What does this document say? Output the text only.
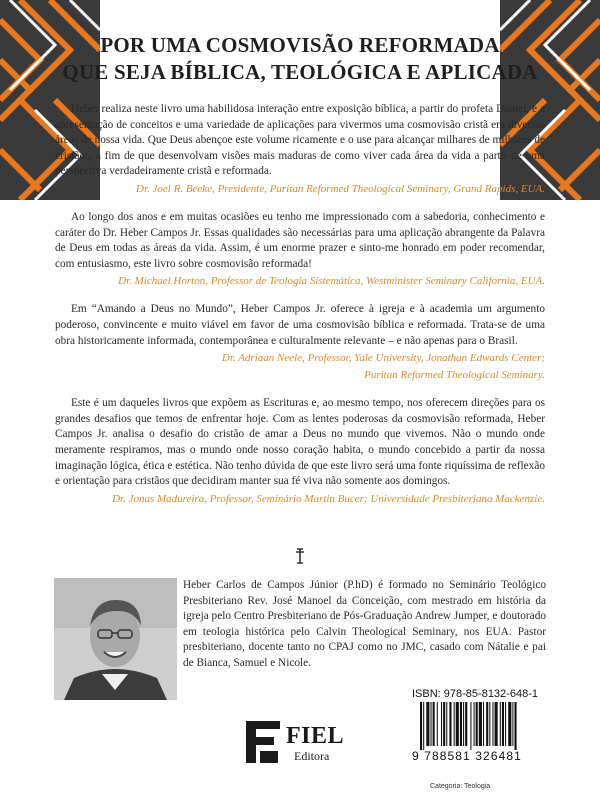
POR UMA COSMOVISÃO REFORMADA
QUE SEJA BÍBLICA, TEOLÓGICA E APLICADA

Heber realiza neste livro uma habilidosa interação entre exposição bíblica, a partir do profeta Daniel, e a apresentação de conceitos e uma variedade de aplicações para vivermos uma cosmovisão cristã em diversas áreas de nossa vida. Que Deus abençoe este volume ricamente e o use para alcançar milhares de milhares de cristãos, a fim de que desenvolvam visões mais maduras de como viver cada área da vida a partir de uma perspectiva verdadeiramente cristã e reformada.

Dr. Joel R. Beeke, Presidente, Puritan Reformed Theological Seminary, Grand Rapids, EUA.

Ao longo dos anos e em muitas ocasiões eu tenho me impressionado com a sabedoria, conhecimento e caráter do Dr. Heber Campos Jr. Essas qualidades são necessárias para uma aplicação abrangente da Palavra de Deus em todas as áreas da vida. Assim, é um enorme prazer e sinto-me honrado em poder recomendar, com entusiasmo, este livro sobre cosmovisão reformada!

Dr. Michael Horton, Professor de Teologia Sistemática, Westminister Seminary California, EUA.

Em “Amando a Deus no Mundo”, Heber Campos Jr. oferece à igreja e à academia um argumento poderoso, convincente e muito viável em favor de uma cosmovisão bíblica e reformada. Trata-se de uma obra historicamente informada, contemporânea e culturalmente relevante – e não apenas para o Brasil.

Dr. Adriaan Neele, Professor, Yale University, Jonathan Edwards Center;
Puritan Reformed Theological Seminary.

Este é um daqueles livros que expõem as Escrituras e, ao mesmo tempo, nos oferecem direções para os grandes desafios que temos de enfrentar hoje. Com as lentes poderosas da cosmovisão reformada, Heber Campos Jr. analisa o desafio do cristão de amar a Deus no mundo que vivemos. Não o mundo onde meramente respiramos, mas o mundo onde nosso coração habita, o mundo concebido a partir da nossa imaginação lógica, ética e estética. Não tenho dúvida de que este livro será uma fonte riquíssima de reflexão e orientação para cristãos que decidiram manter sua fé viva não somente aos domingos.

Dr. Jonas Madureira, Professor, Seminário Martin Bucer; Universidade Presbiteriana Mackenzie.
Heber Carlos de Campos Júnior (P.hD) é formado no Seminário Teológico Presbiteriano Rev. José Manoel da Conceição, com mestrado em história da igreja pelo Centro Presbiteriano de Pós-Graduação Andrew Jumper, e doutorado em teologia histórica pelo Calvin Theological Seminary, nos EUA. Pastor presbiteriano, docente tanto no CPAJ como no JMC, casado com Nátalie e pai de Bianca, Samuel e Nicole.
FIEL
Editora
ISBN: 978-85-8132-648-1
9 788581 326481
Categoria: Teologia
